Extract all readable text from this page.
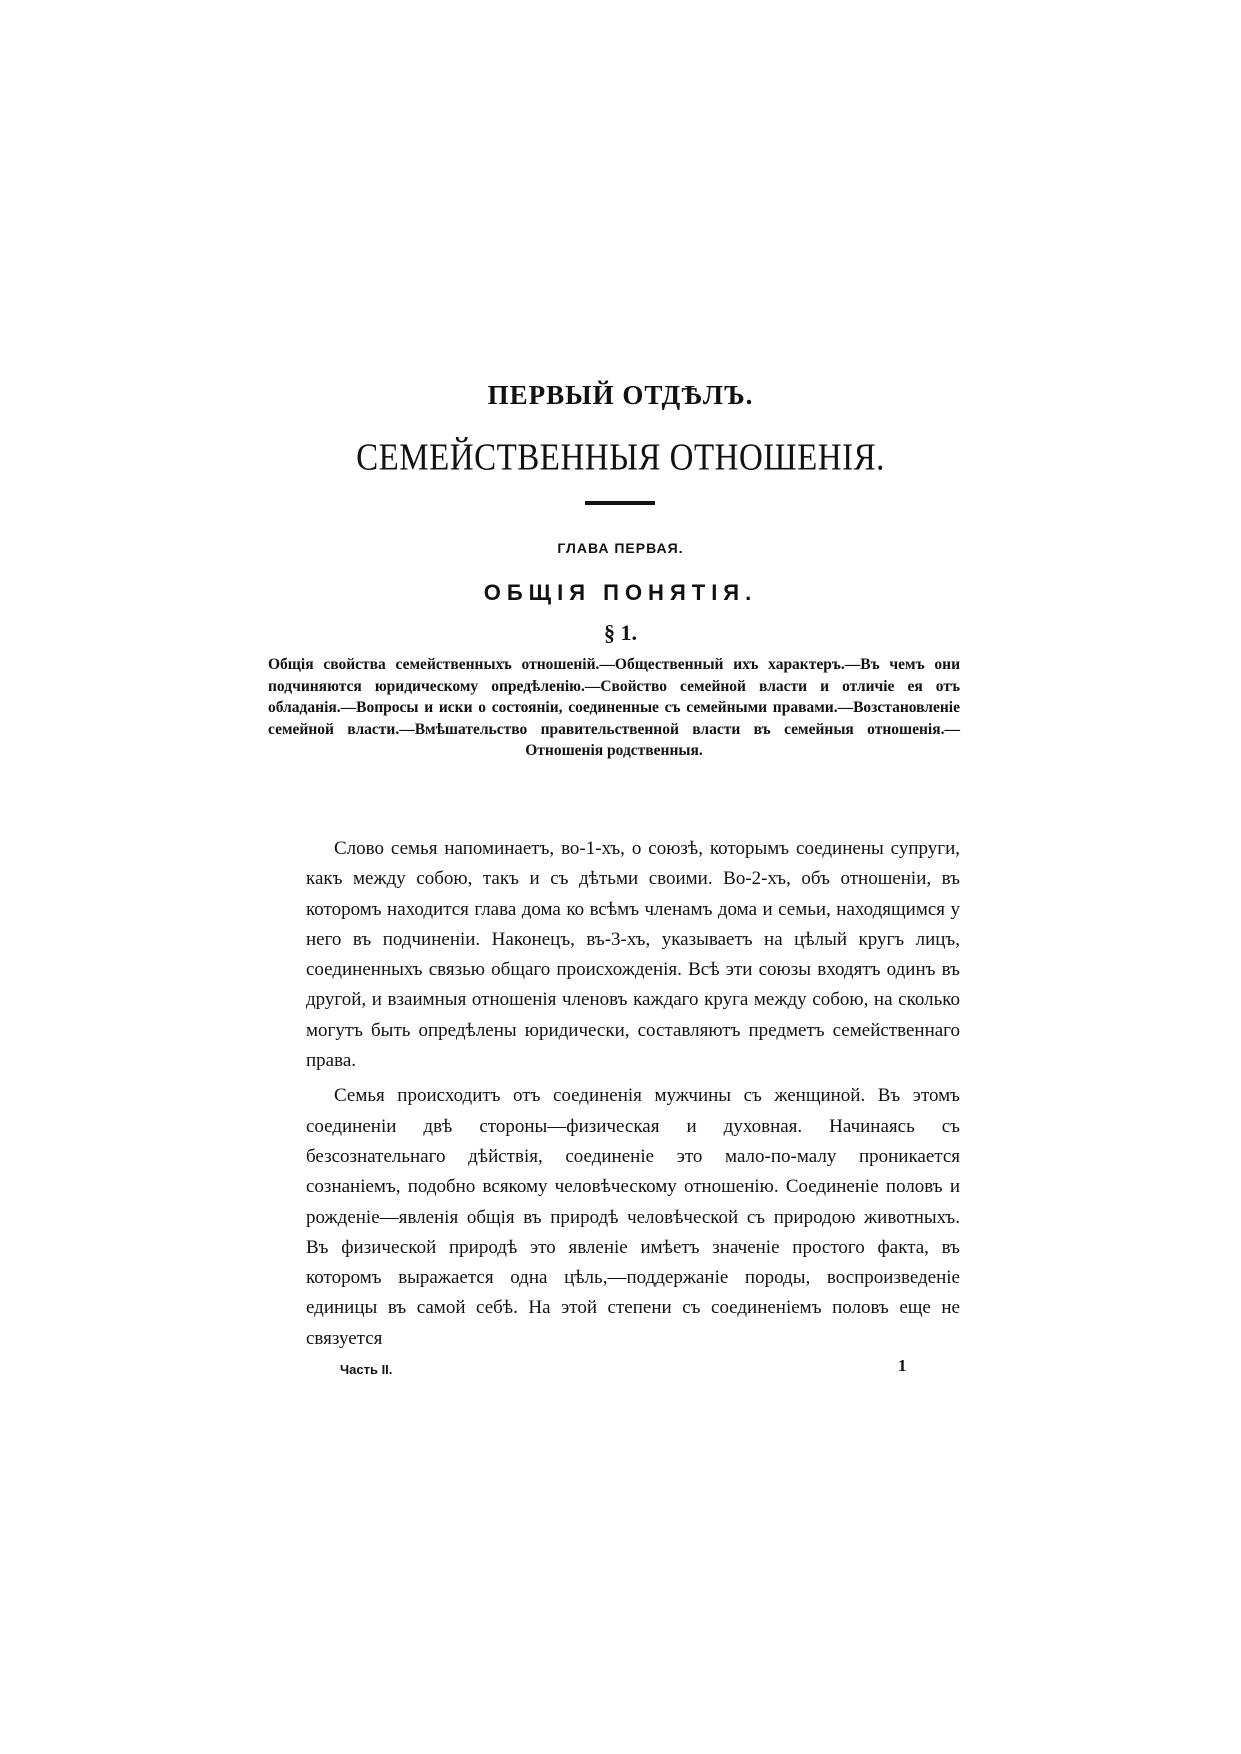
ПЕРВЫЙ ОТДѢЛЪ.
СЕМЕЙСТВЕННЫЯ ОТНОШЕНІЯ.
ГЛАВА ПЕРВАЯ.
ОБЩІЯ ПОНЯТІЯ.
§ 1.
Общія свойства семейственныхъ отношеній.—Общественный ихъ характеръ.—Въ чемъ они подчиняются юридическому опредѣленію.—Свойство семейной власти и отличіе ея отъ обладанія.—Вопросы и иски о состояніи, соединенные съ семейными правами.—Возстановленіе семейной власти.—Вмѣшательство правительственной власти въ семейныя отношенія.—Отношенія родственныя.

Слово семья напоминаетъ, во-1-хъ, о союзѣ, которымъ соединены супруги, какъ между собою, такъ и съ дѣтьми своими. Во-2-хъ, объ отношеніи, въ которомъ находится глава дома ко всѣмъ членамъ дома и семьи, находящимся у него въ подчиненіи. Наконецъ, въ-3-хъ, указываетъ на цѣлый кругъ лицъ, соединенныхъ связью общаго происхожденія. Всѣ эти союзы входятъ одинъ въ другой, и взаимныя отношенія членовъ каждаго круга между собою, на сколько могутъ быть опредѣлены юридически, составляютъ предметъ семейственнаго права.

Семья происходитъ отъ соединенія мужчины съ женщиной. Въ этомъ соединеніи двѣ стороны—физическая и духовная. Начинаясь съ безсознательнаго дѣйствія, соединеніе это мало-по-малу проникается сознаніемъ, подобно всякому человѣческому отношенію. Соединеніе половъ и рожденіе—явленія общія въ природѣ человѣческой съ природою животныхъ. Въ физической природѣ это явленіе имѣетъ значеніе простого факта, въ которомъ выражается одна цѣль,—поддержаніе породы, воспроизведеніе единицы въ самой себѣ. На этой степени съ соединеніемъ половъ еще не связуется

Часть II.	1
